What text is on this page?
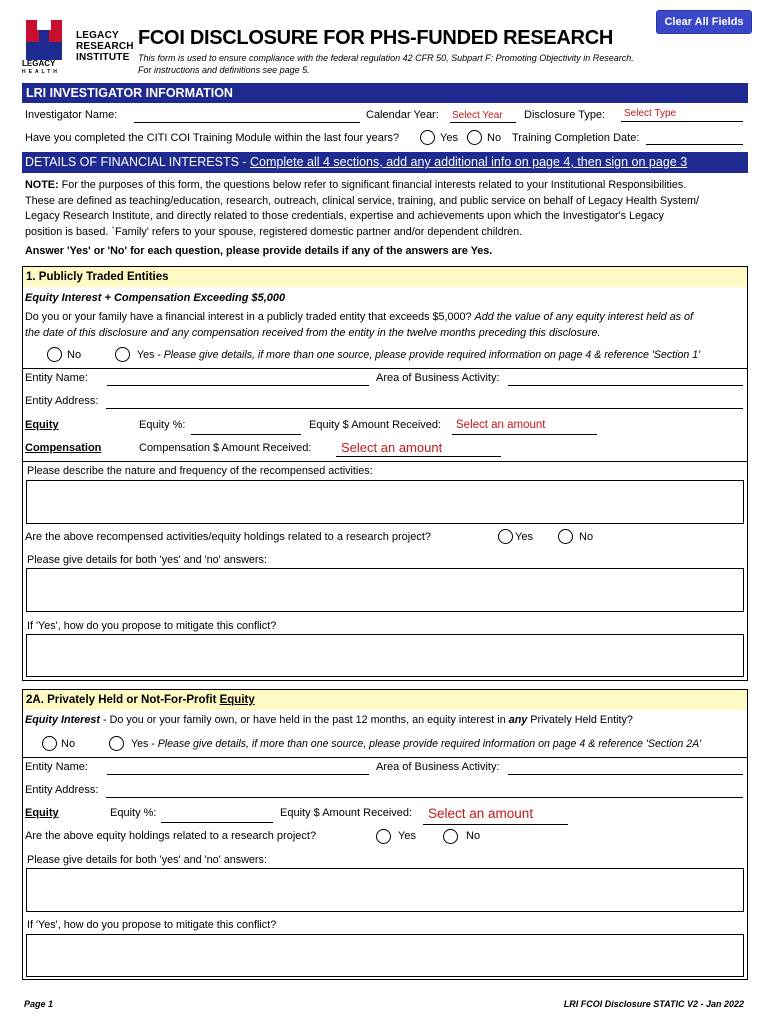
LEGACY
RESEARCH
INSTITUTE
LEGACY
HEALTH
FCOI DISCLOSURE FOR PHS-FUNDED RESEARCH
This form is used to ensure compliance with the federal regulation 42 CFR 50, Subpart F: Promoting Objectivity in Research.
For instructions and definitions see page 5.
Clear All Fields
LRI INVESTIGATOR INFORMATION
Investigator Name:	Calendar Year: Select Year Disclosure Type: Select Type
Have you completed the CITI COI Training Module within the last four years?	Yes	No Training Completion Date:
DETAILS OF FINANCIAL INTERESTS - Complete all 4 sections, add any additional info on page 4, then sign on page 3
NOTE: For the purposes of this form, the questions below refer to significant financial interests related to your Institutional Responsibilities.
These are defined as teaching/education, research, outreach, clinical service, training, and public service on behalf of Legacy Health System/
Legacy Research Institute, and directly related to those credentials, expertise and achievements upon which the Investigator's Legacy
position is based. `Family' refers to your spouse, registered domestic partner and/or dependent children.
Answer 'Yes' or 'No' for each question, please provide details if any of the answers are Yes.
1. Publicly Traded Entities
Equity Interest + Compensation Exceeding $5,000
Do you or your family have a financial interest in a publicly traded entity that exceeds $5,000? Add the value of any equity interest held as of
the date of this disclosure and any compensation received from the entity in the twelve months preceding this disclosure.
No	Yes - Please give details, if more than one source, please provide required information on page 4 & reference 'Section 1'
Entity Name:	Area of Business Activity:
Entity Address:
Equity	Equity %:	Equity $ Amount Received: Select an amount
Compensation	Compensation $ Amount Received: Select an amount
Please describe the nature and frequency of the recompensed activities:
Are the above recompensed activities/equity holdings related to a research project?	Yes	No
Please give details for both 'yes' and 'no' answers:
If 'Yes', how do you propose to mitigate this conflict?
2A. Privately Held or Not-For-Profit Equity
Equity Interest - Do you or your family own, or have held in the past 12 months, an equity interest in any Privately Held Entity?
No	Yes - Please give details, if more than one source, please provide required information on page 4 & reference 'Section 2A'
Entity Name:	Area of Business Activity:
Entity Address:
Equity	Equity %:	Equity $ Amount Received: Select an amount
Are the above equity holdings related to a research project?	Yes	No
Please give details for both 'yes' and 'no' answers:
If 'Yes', how do you propose to mitigate this conflict?
Page 1	LRI FCOI Disclosure STATIC V2 - Jan 2022
